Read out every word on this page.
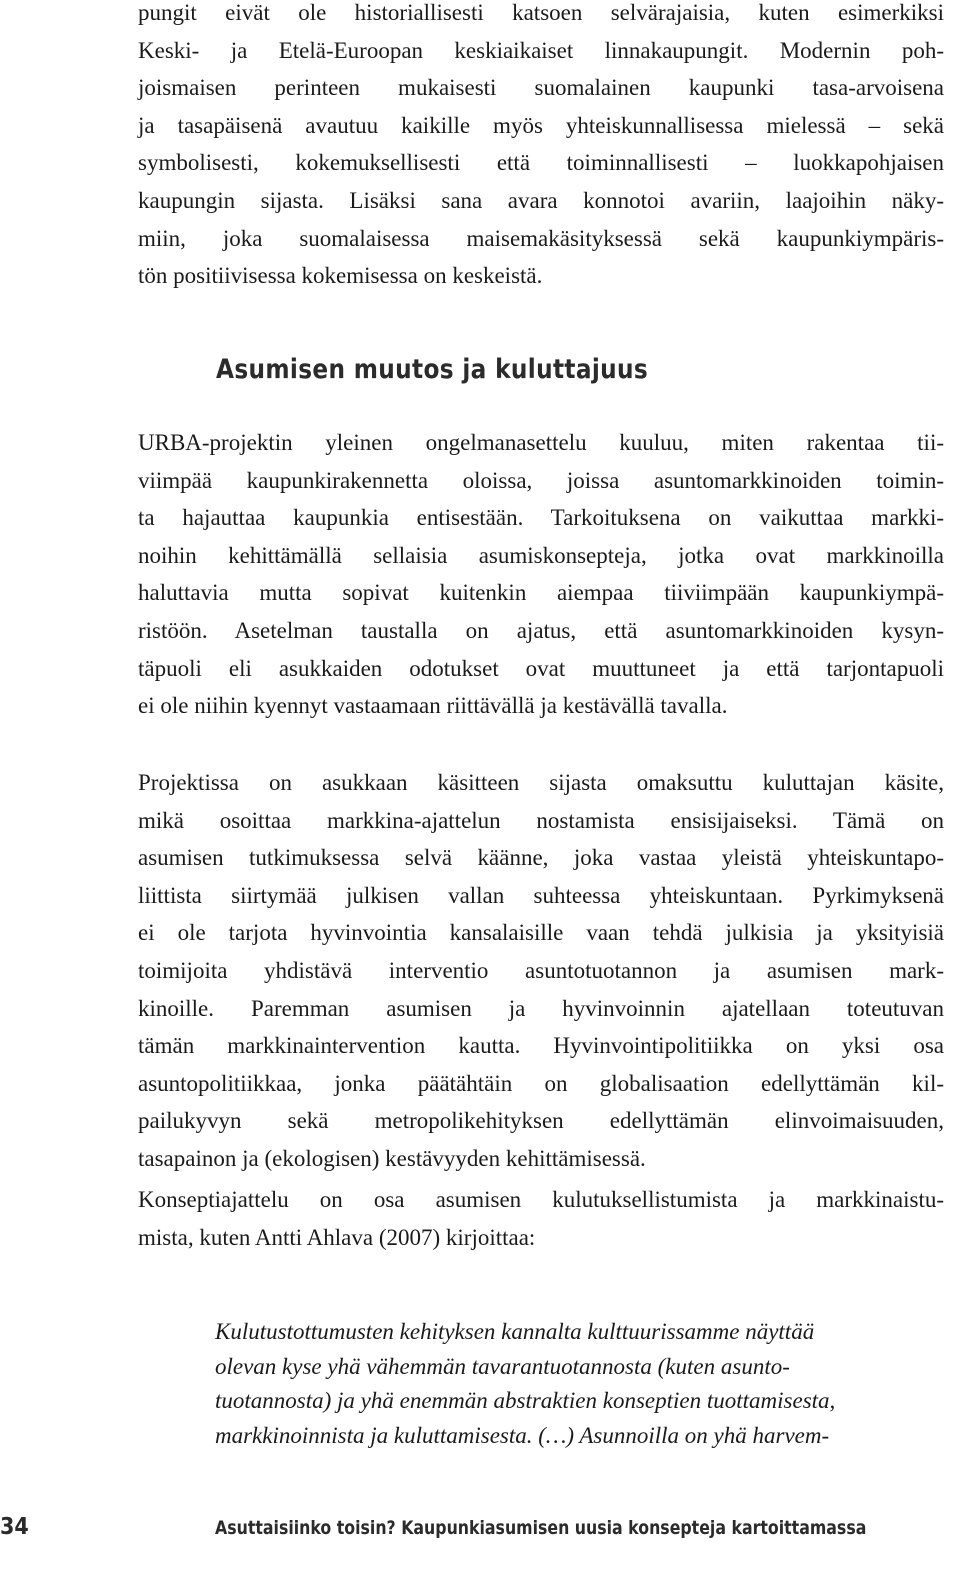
pungit eivät ole historiallisesti katsoen selvärajaisia, kuten esimerkiksi
Keski- ja Etelä-Euroopan keskiaikaiset linnakaupungit. Modernin poh-
joismaisen perinteen mukaisesti suomalainen kaupunki tasa-arvoisena
ja tasapäisenä avautuu kaikille myös yhteiskunnallisessa mielessä – sekä
symbolisesti, kokemuksellisesti että toiminnallisesti – luokkapohjaisen
kaupungin sijasta. Lisäksi sana avara konnotoi avariin, laajoihin näky-
miin, joka suomalaisessa maisemakäsityksessä sekä kaupunkiympäris-
tön positiivisessa kokemisessa on keskeistä.
Asumisen muutos ja kuluttajuus
URBA-projektin yleinen ongelmanasettelu kuuluu, miten rakentaa tii-
viimpää kaupunkirakennetta oloissa, joissa asuntomarkkinoiden toimin-
ta hajauttaa kaupunkia entisestään. Tarkoituksena on vaikuttaa markki-
noihin kehittämällä sellaisia asumiskonsepteja, jotka ovat markkinoilla
haluttavia mutta sopivat kuitenkin aiempaa tiiviimpään kaupunkiympä-
ristöön. Asetelman taustalla on ajatus, että asuntomarkkinoiden kysyn-
täpuoli eli asukkaiden odotukset ovat muuttuneet ja että tarjontapuoli
ei ole niihin kyennyt vastaamaan riittävällä ja kestävällä tavalla.
Projektissa on asukkaan käsitteen sijasta omaksuttu kuluttajan käsite,
mikä osoittaa markkina-ajattelun nostamista ensisijaiseksi. Tämä on
asumisen tutkimuksessa selvä käänne, joka vastaa yleistä yhteiskuntapo-
liittista siirtymää julkisen vallan suhteessa yhteiskuntaan. Pyrkimyksenä
ei ole tarjota hyvinvointia kansalaisille vaan tehdä julkisia ja yksityisiä
toimijoita yhdistävä interventio asuntotuotannon ja asumisen mark-
kinoille. Paremman asumisen ja hyvinvoinnin ajatellaan toteutuvan
tämän markkinaintervention kautta. Hyvinvointipolitiikka on yksi osa
asuntopolitiikkaa, jonka päätähtäin on globalisaation edellyttämän kil-
pailukyvyn sekä metropolikehityksen edellyttämän elinvoimaisuuden,
tasapainon ja (ekologisen) kestävyyden kehittämisessä.
Konseptiajattelu on osa asumisen kulutuksellistumista ja markkinaistu-
mista, kuten Antti Ahlava (2007) kirjoittaa:
Kulutustottumusten kehityksen kannalta kulttuurissamme näyttää
olevan kyse yhä vähemmän tavarantuotannosta (kuten asunto-
tuotannosta) ja yhä enemmän abstraktien konseptien tuottamisesta,
markkinoinnista ja kuluttamisesta. (…) Asunnoilla on yhä harvem-
34	Asuttaisiinko toisin? Kaupunkiasumisen uusia konsepteja kartoittamassa
